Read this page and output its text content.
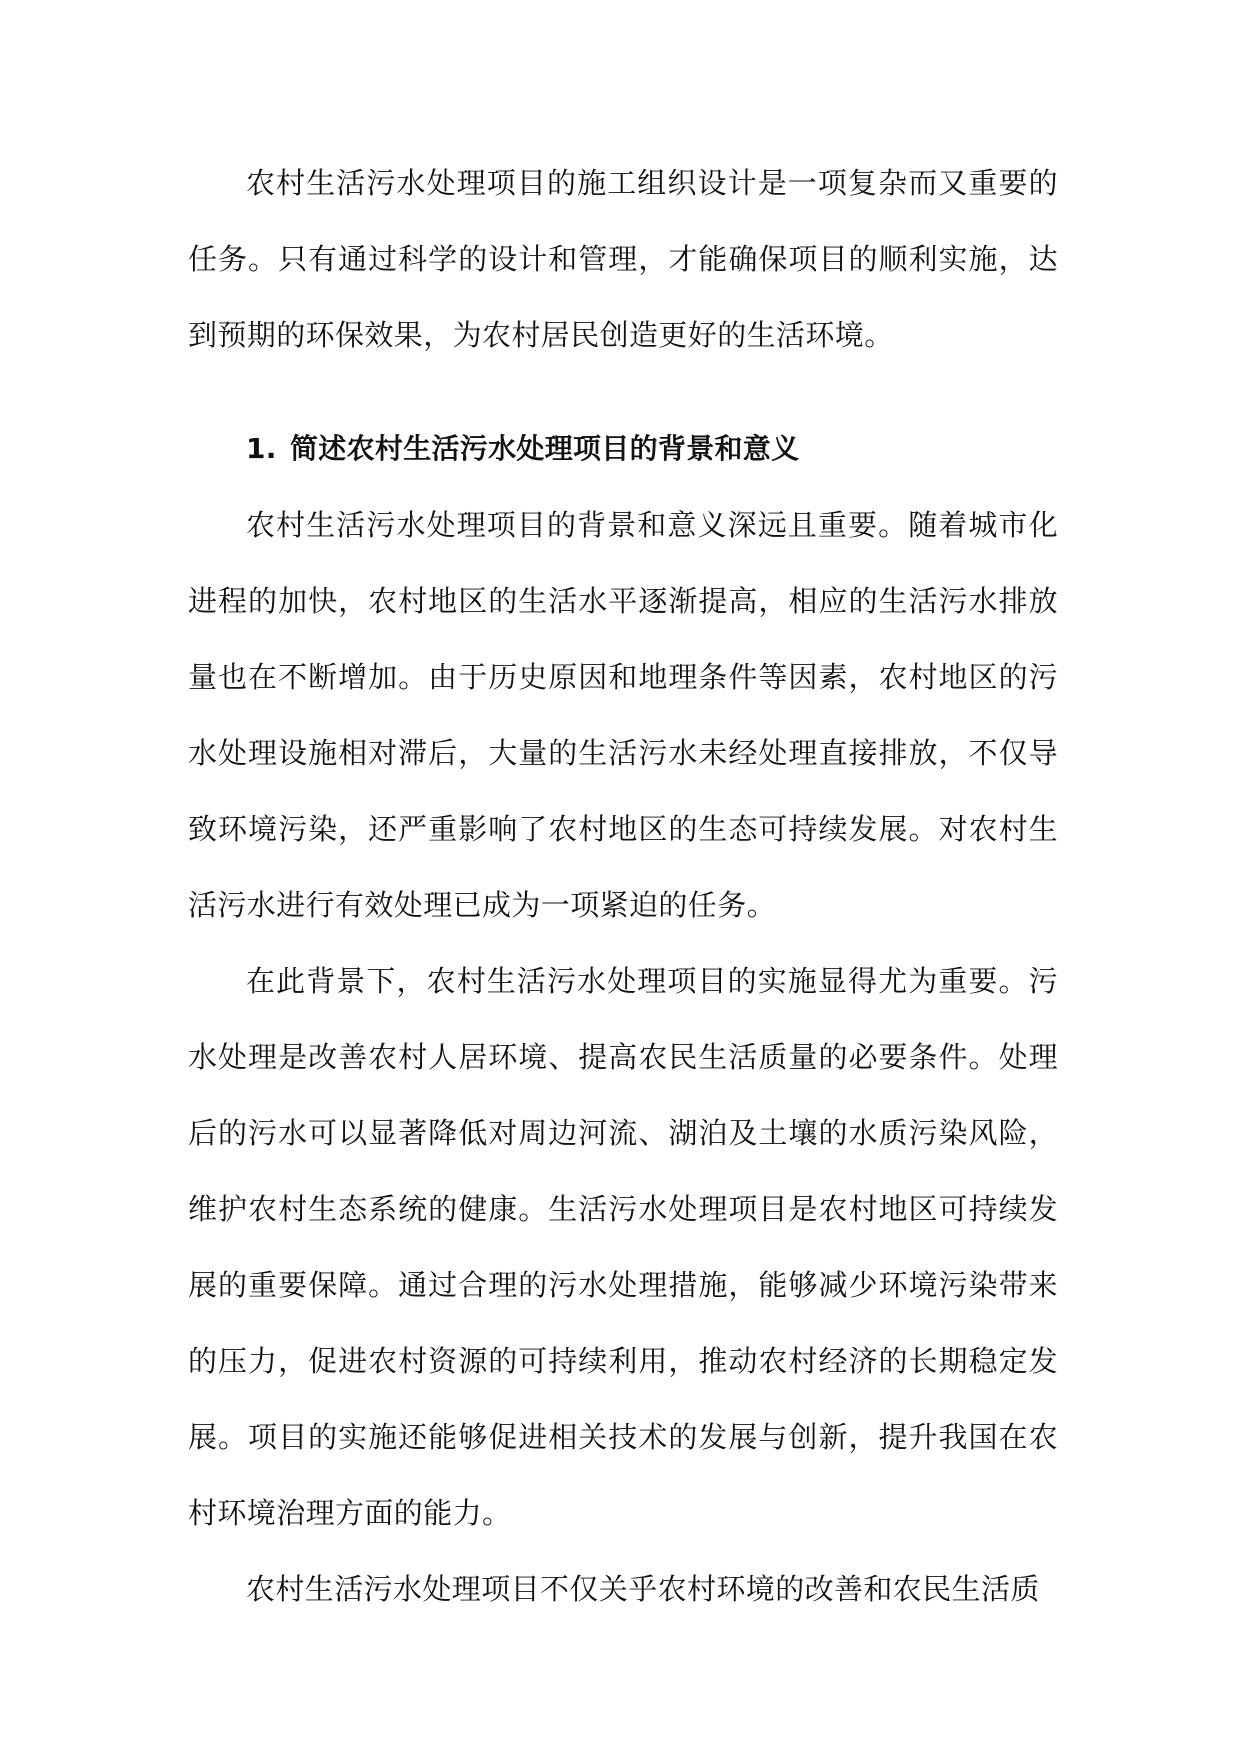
农村生活污水处理项目的施工组织设计是一项复杂而又重要的任务。只有通过科学的设计和管理，才能确保项目的顺利实施，达到预期的环保效果，为农村居民创造更好的生活环境。

1. 简述农村生活污水处理项目的背景和意义

农村生活污水处理项目的背景和意义深远且重要。随着城市化进程的加快，农村地区的生活水平逐渐提高，相应的生活污水排放量也在不断增加。由于历史原因和地理条件等因素，农村地区的污水处理设施相对滞后，大量的生活污水未经处理直接排放，不仅导致环境污染，还严重影响了农村地区的生态可持续发展。对农村生活污水进行有效处理已成为一项紧迫的任务。

在此背景下，农村生活污水处理项目的实施显得尤为重要。污水处理是改善农村人居环境、提高农民生活质量的必要条件。处理后的污水可以显著降低对周边河流、湖泊及土壤的水质污染风险，维护农村生态系统的健康。生活污水处理项目是农村地区可持续发展的重要保障。通过合理的污水处理措施，能够减少环境污染带来的压力，促进农村资源的可持续利用，推动农村经济的长期稳定发展。项目的实施还能够促进相关技术的发展与创新，提升我国在农村环境治理方面的能力。

农村生活污水处理项目不仅关乎农村环境的改善和农民生活质
